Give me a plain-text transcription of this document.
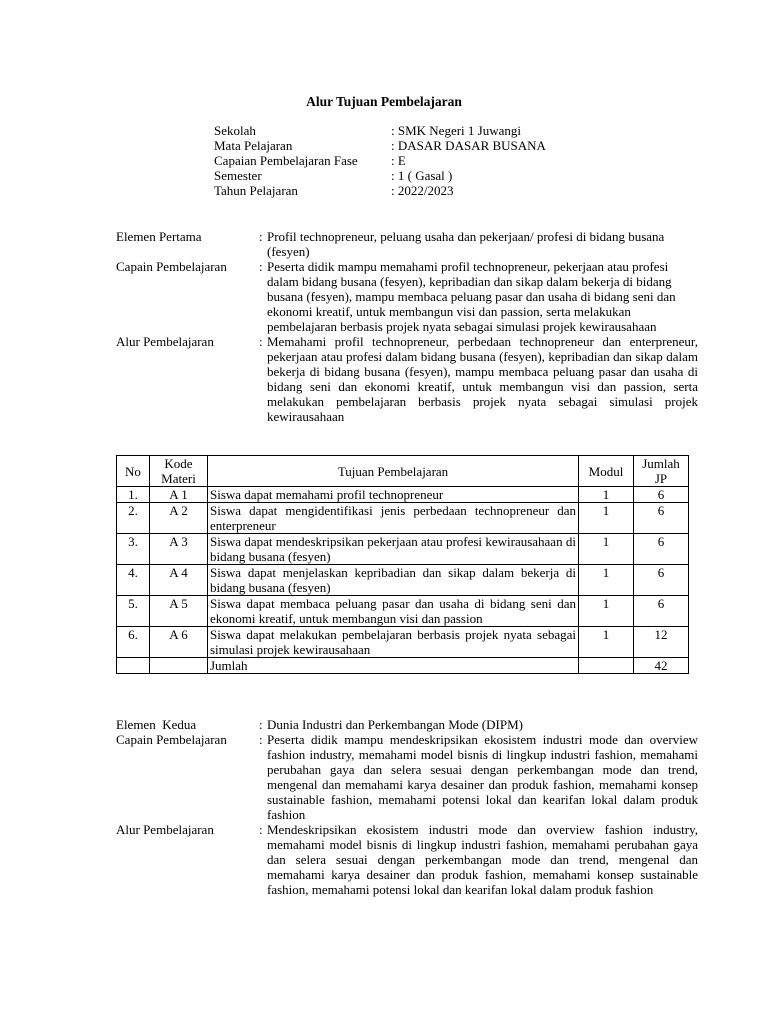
Alur Tujuan Pembelajaran
Sekolah	: SMK Negeri 1 Juwangi
Mata Pelajaran	: DASAR DASAR BUSANA
Capaian Pembelajaran Fase	: E
Semester	: 1 ( Gasal )
Tahun Pelajaran	: 2022/2023
Elemen Pertama	:	Profil technopreneur, peluang usaha dan pekerjaan/ profesi di bidang busana (fesyen)
Capain Pembelajaran	:	Peserta didik mampu memahami profil technopreneur, pekerjaan atau profesi dalam bidang busana (fesyen), kepribadian dan sikap dalam bekerja di bidang busana (fesyen), mampu membaca peluang pasar dan usaha di bidang seni dan ekonomi kreatif, untuk membangun visi dan passion, serta melakukan pembelajaran berbasis projek nyata sebagai simulasi projek kewirausahaan
Alur Pembelajaran	:	Memahami profil technopreneur, perbedaan technopreneur dan enterpreneur, pekerjaan atau profesi dalam bidang busana (fesyen), kepribadian dan sikap dalam bekerja di bidang busana (fesyen), mampu membaca peluang pasar dan usaha di bidang seni dan ekonomi kreatif, untuk membangun visi dan passion, serta melakukan pembelajaran berbasis projek nyata sebagai simulasi projek kewirausahaan
No	Kode Materi	Tujuan Pembelajaran	Modul	Jumlah JP
1.	A 1	Siswa dapat memahami profil technopreneur	1	6
2.	A 2	Siswa dapat mengidentifikasi jenis perbedaan technopreneur dan enterpreneur	1	6
3.	A 3	Siswa dapat mendeskripsikan pekerjaan atau profesi kewirausahaan di bidang busana (fesyen)	1	6
4.	A 4	Siswa dapat menjelaskan kepribadian dan sikap dalam bekerja di bidang busana (fesyen)	1	6
5.	A 5	Siswa dapat membaca peluang pasar dan usaha di bidang seni dan ekonomi kreatif, untuk membangun visi dan passion	1	6
6.	A 6	Siswa dapat melakukan pembelajaran berbasis projek nyata sebagai simulasi projek kewirausahaan	1	12
		Jumlah		42
Elemen  Kedua	:	Dunia Industri dan Perkembangan Mode (DIPM)
Capain Pembelajaran	:	Peserta didik mampu mendeskripsikan ekosistem industri mode dan overview fashion industry, memahami model bisnis di lingkup industri fashion, memahami perubahan gaya dan selera sesuai dengan perkembangan mode dan trend, mengenal dan memahami karya desainer dan produk fashion, memahami konsep sustainable fashion, memahami potensi lokal dan kearifan lokal dalam produk fashion
Alur Pembelajaran	:	Mendeskripsikan ekosistem industri mode dan overview fashion industry, memahami model bisnis di lingkup industri fashion, memahami perubahan gaya dan selera sesuai dengan perkembangan mode dan trend, mengenal dan memahami karya desainer dan produk fashion, memahami konsep sustainable fashion, memahami potensi lokal dan kearifan lokal dalam produk fashion
